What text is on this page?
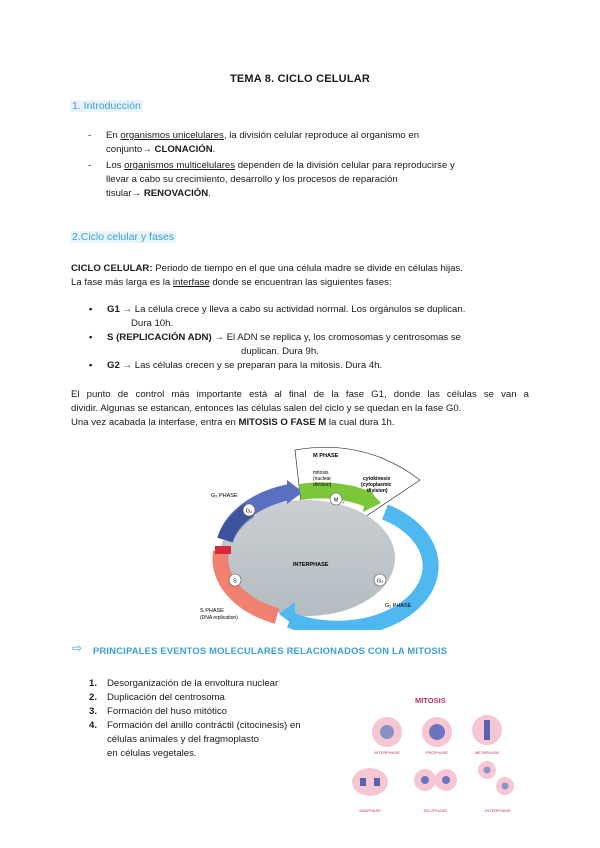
TEMA 8. CICLO CELULAR
1. Introducción
-	En organismos unicelulares, la división celular reproduce al organismo en
conjunto→ CLONACIÓN.
-	Los organismos multicelulares dependen de la división celular para reproducirse y
llevar a cabo su crecimiento, desarrollo y los procesos de reparación
tisular→ RENOVACIÓN.
2.Ciclo celular y fases
CICLO CELULAR: Periodo de tiempo en el que una célula madre se divide en células hijas.
La fase más larga es la interfase donde se encuentran las siguientes fases:
•	G1 → La célula crece y lleva a cabo su actividad normal. Los orgánulos se duplican.
Dura 10h.
•	S (REPLICACIÓN ADN) → El ADN se replica y, los cromosomas y centrosomas se
duplican. Dura 9h.
•	G2 → Las células crecen y se preparan para la mitosis. Dura 4h.
El punto de control más importante está al final de la fase G1, donde las células se van a
dividir. Algunas se estancan, entonces las células salen del ciclo y se quedan en la fase G0.
Una vez acabada la interfase, entra en MITOSIS O FASE M la cual dura 1h.
G₂
M
G₁
S
M PHASE
mitosis
(nuclear
division)
cytokinesis
(cytoplasmic
division)
G₂ PHASE
INTERPHASE
S PHASE
(DNA replication)
G₁ PHASE
⇨ PRINCIPALES EVENTOS MOLECULARES RELACIONADOS CON LA MITOSIS
1. Desorganización de la envoltura nuclear
2. Duplicación del centrosoma
3. Formación del huso mitótico
4. Formación del anillo contráctil (citocinesis) en
células animales y del fragmoplasto
en células vegetales.
MITOSIS
INTERPHASE	PROPHASE	METAPHASE
ANAPHASE	TELOPHASE	INTERPHASE
